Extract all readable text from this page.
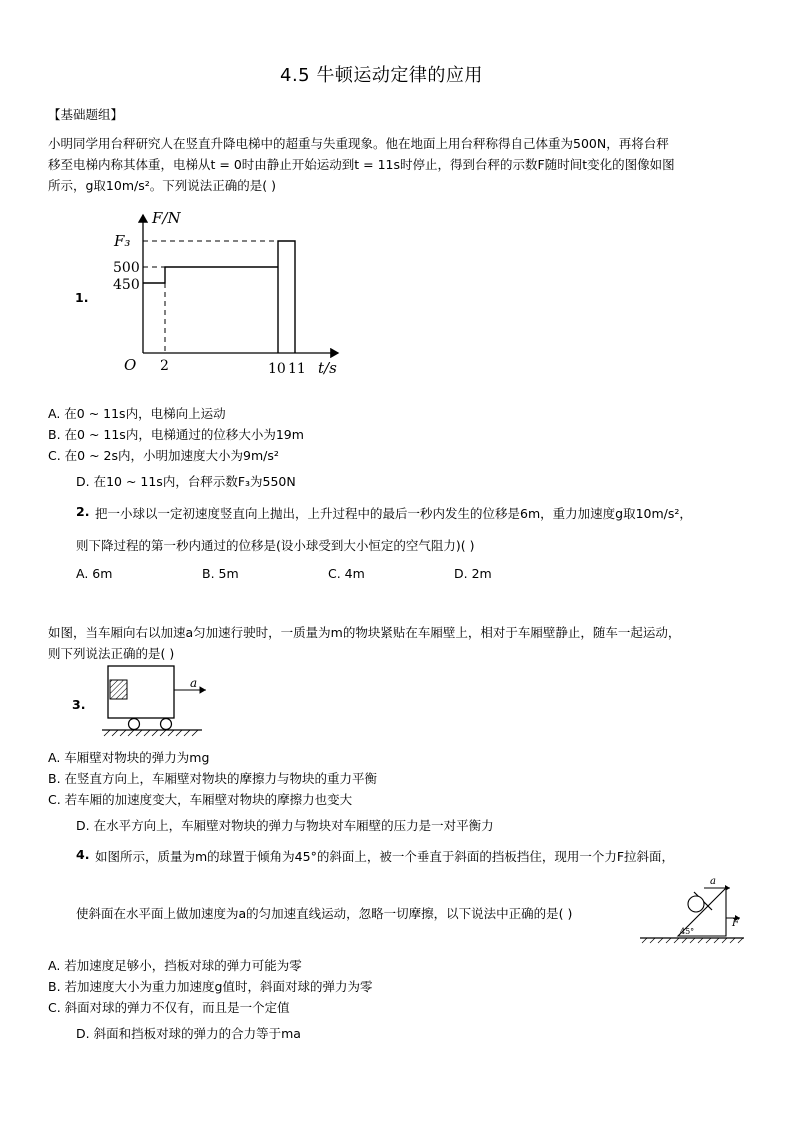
4.5 牛顿运动定律的应用
【基础题组】
小明同学用台秤研究人在竖直升降电梯中的超重与失重现象。他在地面上用台秤称得自己体重为500N，再将台秤
移至电梯内称其体重，电梯从t = 0时由静止开始运动到t = 11s时停止，得到台秤的示数F随时间t变化的图像如图
所示，g取10m/s²。下列说法正确的是( )
1.
F/N
t/s
O
F₃
500
450
2	10 11
A. 在0 ~ 11s内，电梯向上运动
B. 在0 ~ 11s内，电梯通过的位移大小为19m
C. 在0 ~ 2s内，小明加速度大小为9m/s²
D. 在10 ~ 11s内，台秤示数F₃为550N
2. 把一小球以一定初速度竖直向上抛出，上升过程中的最后一秒内发生的位移是6m，重力加速度g取10m/s²，
则下降过程的第一秒内通过的位移是(设小球受到大小恒定的空气阻力)( )
A. 6m	B. 5m	C. 4m	D. 2m
如图，当车厢向右以加速a匀加速行驶时，一质量为m的物块紧贴在车厢壁上，相对于车厢壁静止，随车一起运动，
则下列说法正确的是( )
3.
a
A. 车厢壁对物块的弹力为mg
B. 在竖直方向上，车厢壁对物块的摩擦力与物块的重力平衡
C. 若车厢的加速度变大，车厢壁对物块的摩擦力也变大
D. 在水平方向上，车厢壁对物块的弹力与物块对车厢壁的压力是一对平衡力
4. 如图所示，质量为m的球置于倾角为45°的斜面上，被一个垂直于斜面的挡板挡住，现用一个力F拉斜面，
使斜面在水平面上做加速度为a的匀加速直线运动，忽略一切摩擦，以下说法中正确的是( )
a
F
45°
A. 若加速度足够小，挡板对球的弹力可能为零
B. 若加速度大小为重力加速度g值时，斜面对球的弹力为零
C. 斜面对球的弹力不仅有，而且是一个定值
D. 斜面和挡板对球的弹力的合力等于ma
